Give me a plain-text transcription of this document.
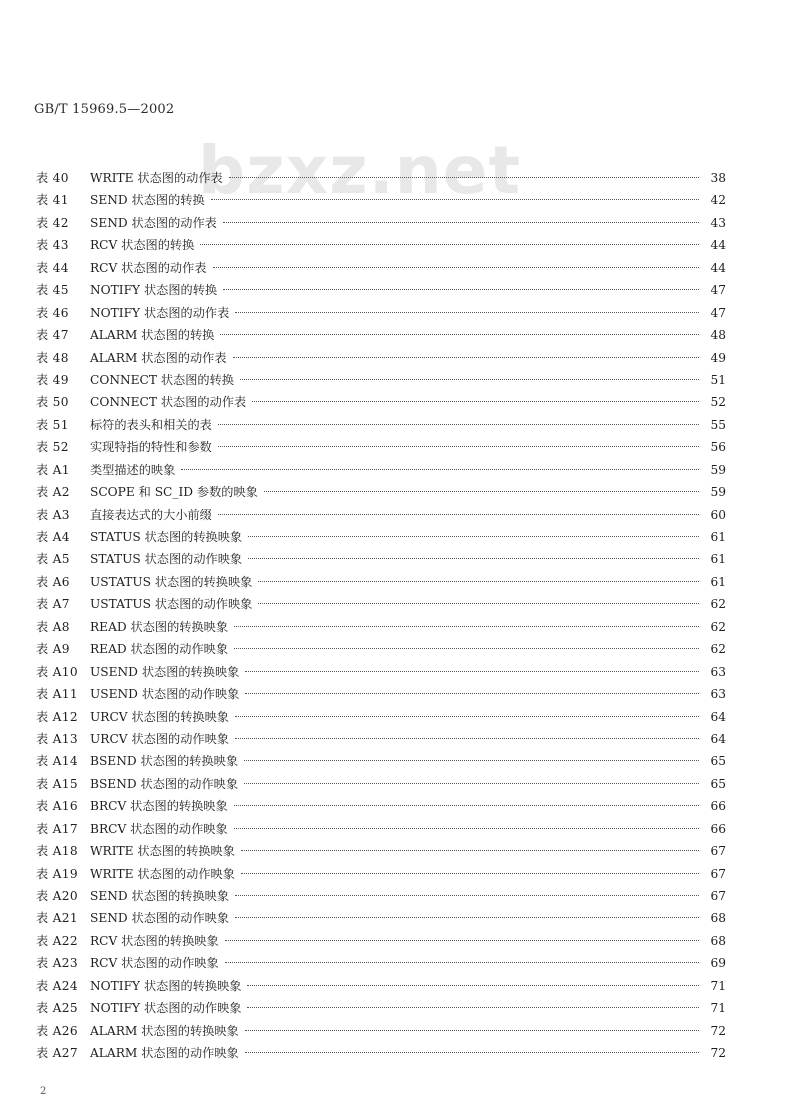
GB/T 15969.5—2002
bzxz.net
表 40	WRITE 状态图的动作表	38
表 41	SEND 状态图的转换	42
表 42	SEND 状态图的动作表	43
表 43	RCV 状态图的转换	44
表 44	RCV 状态图的动作表	44
表 45	NOTIFY 状态图的转换	47
表 46	NOTIFY 状态图的动作表	47
表 47	ALARM 状态图的转换	48
表 48	ALARM 状态图的动作表	49
表 49	CONNECT 状态图的转换	51
表 50	CONNECT 状态图的动作表	52
表 51	标符的表头和相关的表	55
表 52	实现特指的特性和参数	56
表 A1	类型描述的映象	59
表 A2	SCOPE 和 SC_ID 参数的映象	59
表 A3	直接表达式的大小前缀	60
表 A4	STATUS 状态图的转换映象	61
表 A5	STATUS 状态图的动作映象	61
表 A6	USTATUS 状态图的转换映象	61
表 A7	USTATUS 状态图的动作映象	62
表 A8	READ 状态图的转换映象	62
表 A9	READ 状态图的动作映象	62
表 A10 USEND 状态图的转换映象	63
表 A11 USEND 状态图的动作映象	63
表 A12 URCV 状态图的转换映象	64
表 A13 URCV 状态图的动作映象	64
表 A14 BSEND 状态图的转换映象	65
表 A15 BSEND 状态图的动作映象	65
表 A16 BRCV 状态图的转换映象	66
表 A17 BRCV 状态图的动作映象	66
表 A18 WRITE 状态图的转换映象	67
表 A19 WRITE 状态图的动作映象	67
表 A20 SEND 状态图的转换映象	67
表 A21 SEND 状态图的动作映象	68
表 A22 RCV 状态图的转换映象	68
表 A23 RCV 状态图的动作映象	69
表 A24 NOTIFY 状态图的转换映象	71
表 A25 NOTIFY 状态图的动作映象	71
表 A26 ALARM 状态图的转换映象	72
表 A27 ALARM 状态图的动作映象	72
2
